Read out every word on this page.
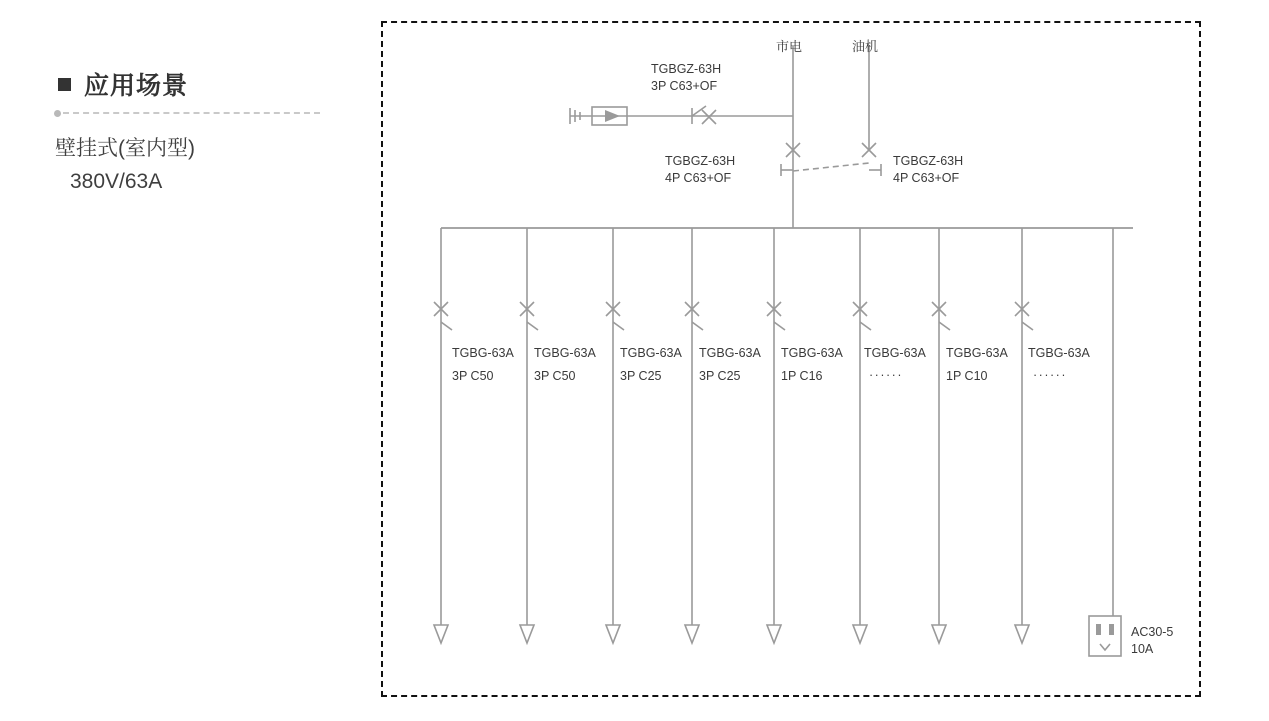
应用场景
壁挂式(室内型)
380V/63A
市电	油机
TGBGZ-63H
3P C63+OF
TGBGZ-63H
4P C63+OF
TGBGZ-63H
4P C63+OF
TGBG-63A
3P C50
TGBG-63A
3P C50
TGBG-63A
3P C25
TGBG-63A
3P C25
TGBG-63A
1P C16
TGBG-63A
······
TGBG-63A
1P C10
TGBG-63A
······
AC30-5
10A
